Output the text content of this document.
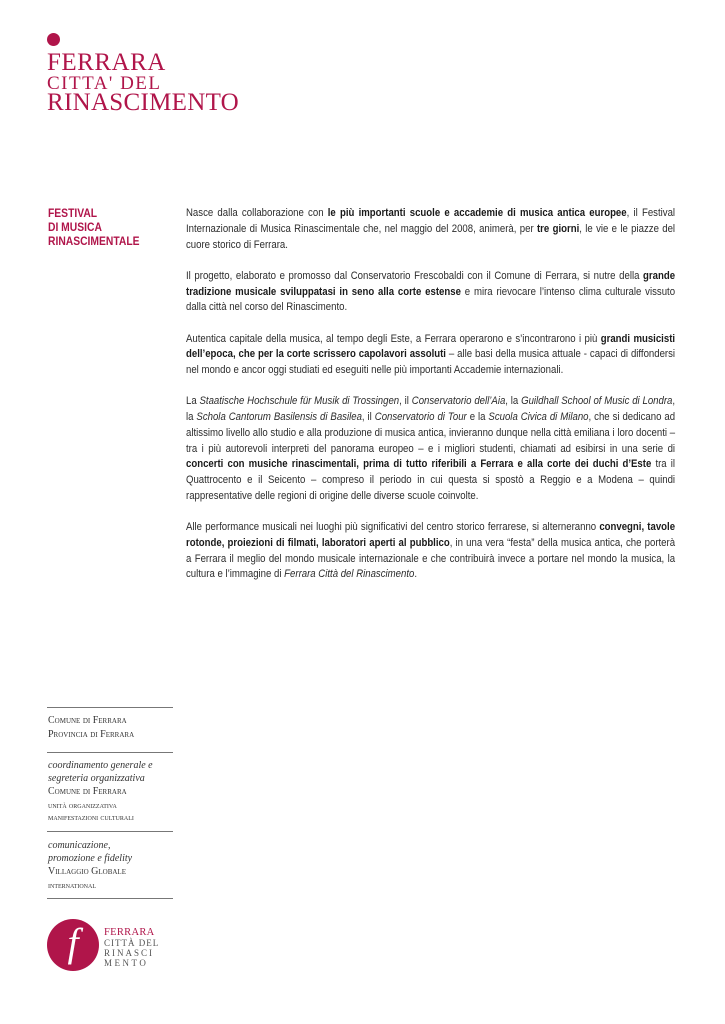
FERRARA
CITTA' DEL
RINASCIMENTO
FESTIVAL
DI MUSICA
RINASCIMENTALE

Nasce dalla collaborazione con le più importanti scuole e accademie di musica antica europee, il Festival Internazionale di Musica Rinascimentale che, nel maggio del 2008, animerà, per tre giorni, le vie e le piazze del cuore storico di Ferrara.

Il progetto, elaborato e promosso dal Conservatorio Frescobaldi con il Comune di Ferrara, si nutre della grande tradizione musicale sviluppatasi in seno alla corte estense e mira rievocare l’intenso clima culturale vissuto dalla città nel corso del Rinascimento.

Autentica capitale della musica, al tempo degli Este, a Ferrara operarono e s’incontrarono i più grandi musicisti dell’epoca, che per la corte scrissero capolavori assoluti – alle basi della musica attuale - capaci di diffondersi nel mondo e ancor oggi studiati ed eseguiti nelle più importanti Accademie internazionali.

La Staatische Hochschule für Musik di Trossingen, il Conservatorio dell’Aia, la Guildhall School of Music di Londra, la Schola Cantorum Basilensis di Basilea, il Conservatorio di Tour e la Scuola Civica di Milano, che si dedicano ad altissimo livello allo studio e alla produzione di musica antica, invieranno dunque nella città emiliana i loro docenti – tra i più autorevoli interpreti del panorama europeo – e i migliori studenti, chiamati ad esibirsi in una serie di concerti con musiche rinascimentali, prima di tutto riferibili a Ferrara e alla corte dei duchi d’Este tra il Quattrocento e il Seicento – compreso il periodo in cui questa si spostò a Reggio e a Modena – quindi rappresentative delle regioni di origine delle diverse scuole coinvolte.

Alle performance musicali nei luoghi più significativi del centro storico ferrarese, si alterneranno convegni, tavole rotonde, proiezioni di filmati, laboratori aperti al pubblico, in una vera “festa” della musica antica, che porterà a Ferrara il meglio del mondo musicale internazionale e che contribuirà invece a portare nel mondo la musica, la cultura e l’immagine di Ferrara Città del Rinascimento.

Comune di Ferrara
Provincia di Ferrara
coordinamento generale e
segreteria organizzativa
Comune di Ferrara
unità organizzativa
manifestazioni culturali
comunicazione,
promozione e fidelity
Villaggio Globale
international
f FERRARA
CITTÀ DEL
RINASCI
MENTO
